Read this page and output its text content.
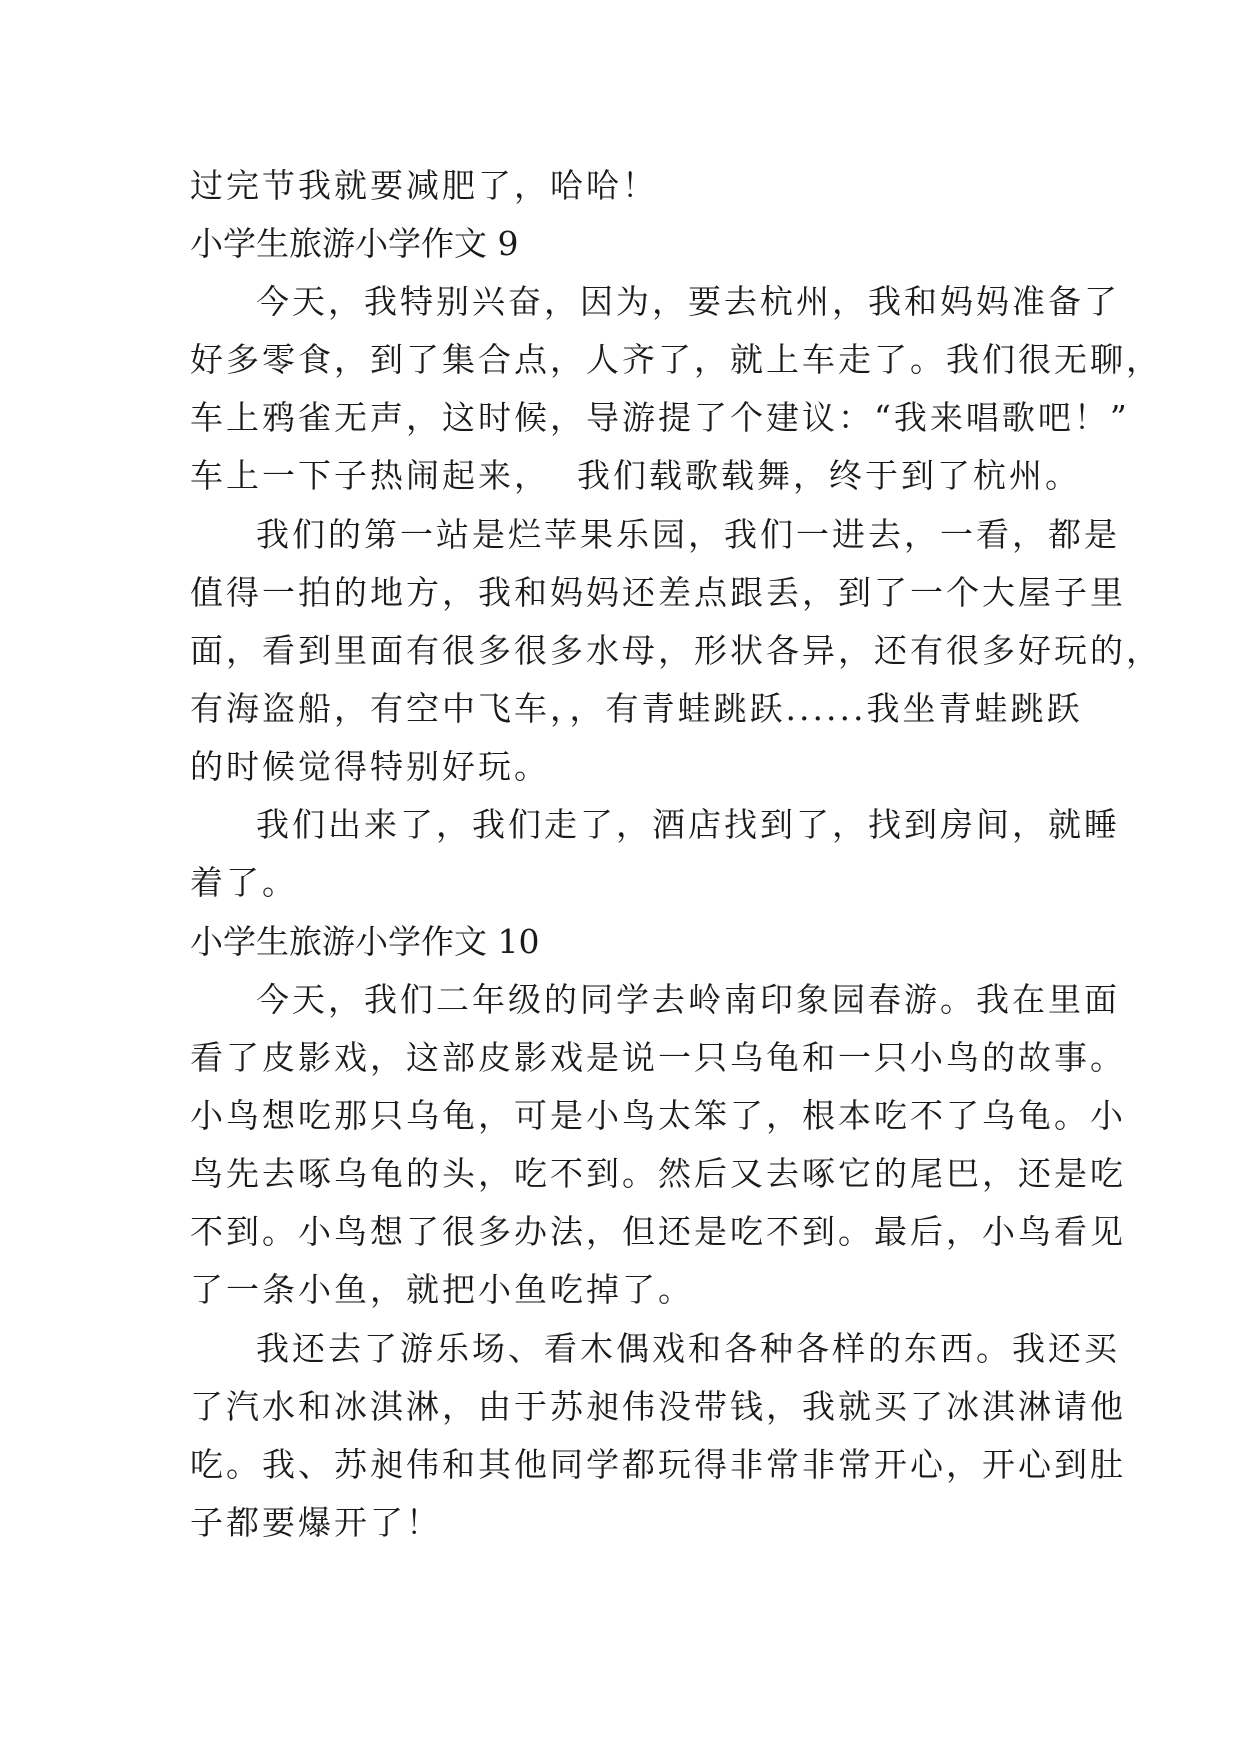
过完节我就要减肥了，哈哈！

小学生旅游小学作文 9

今天，我特别兴奋，因为，要去杭州，我和妈妈准备了

好多零食，到了集合点，人齐了，就上车走了。我们很无聊，

车上鸦雀无声，这时候，导游提了个建议：“我来唱歌吧！”

车上一下子热闹起来，  我们载歌载舞，终于到了杭州。

我们的第一站是烂苹果乐园，我们一进去，一看，都是

值得一拍的地方，我和妈妈还差点跟丢，到了一个大屋子里

面，看到里面有很多很多水母，形状各异，还有很多好玩的，

有海盗船，有空中飞车，，有青蛙跳跃......我坐青蛙跳跃

的时候觉得特别好玩。

我们出来了，我们走了，酒店找到了，找到房间，就睡

着了。

小学生旅游小学作文 10

今天，我们二年级的同学去岭南印象园春游。我在里面

看了皮影戏，这部皮影戏是说一只乌龟和一只小鸟的故事。

小鸟想吃那只乌龟，可是小鸟太笨了，根本吃不了乌龟。小

鸟先去啄乌龟的头，吃不到。然后又去啄它的尾巴，还是吃

不到。小鸟想了很多办法，但还是吃不到。最后，小鸟看见

了一条小鱼，就把小鱼吃掉了。

我还去了游乐场、看木偶戏和各种各样的东西。我还买

了汽水和冰淇淋，由于苏昶伟没带钱，我就买了冰淇淋请他

吃。我、苏昶伟和其他同学都玩得非常非常开心，开心到肚

子都要爆开了！
